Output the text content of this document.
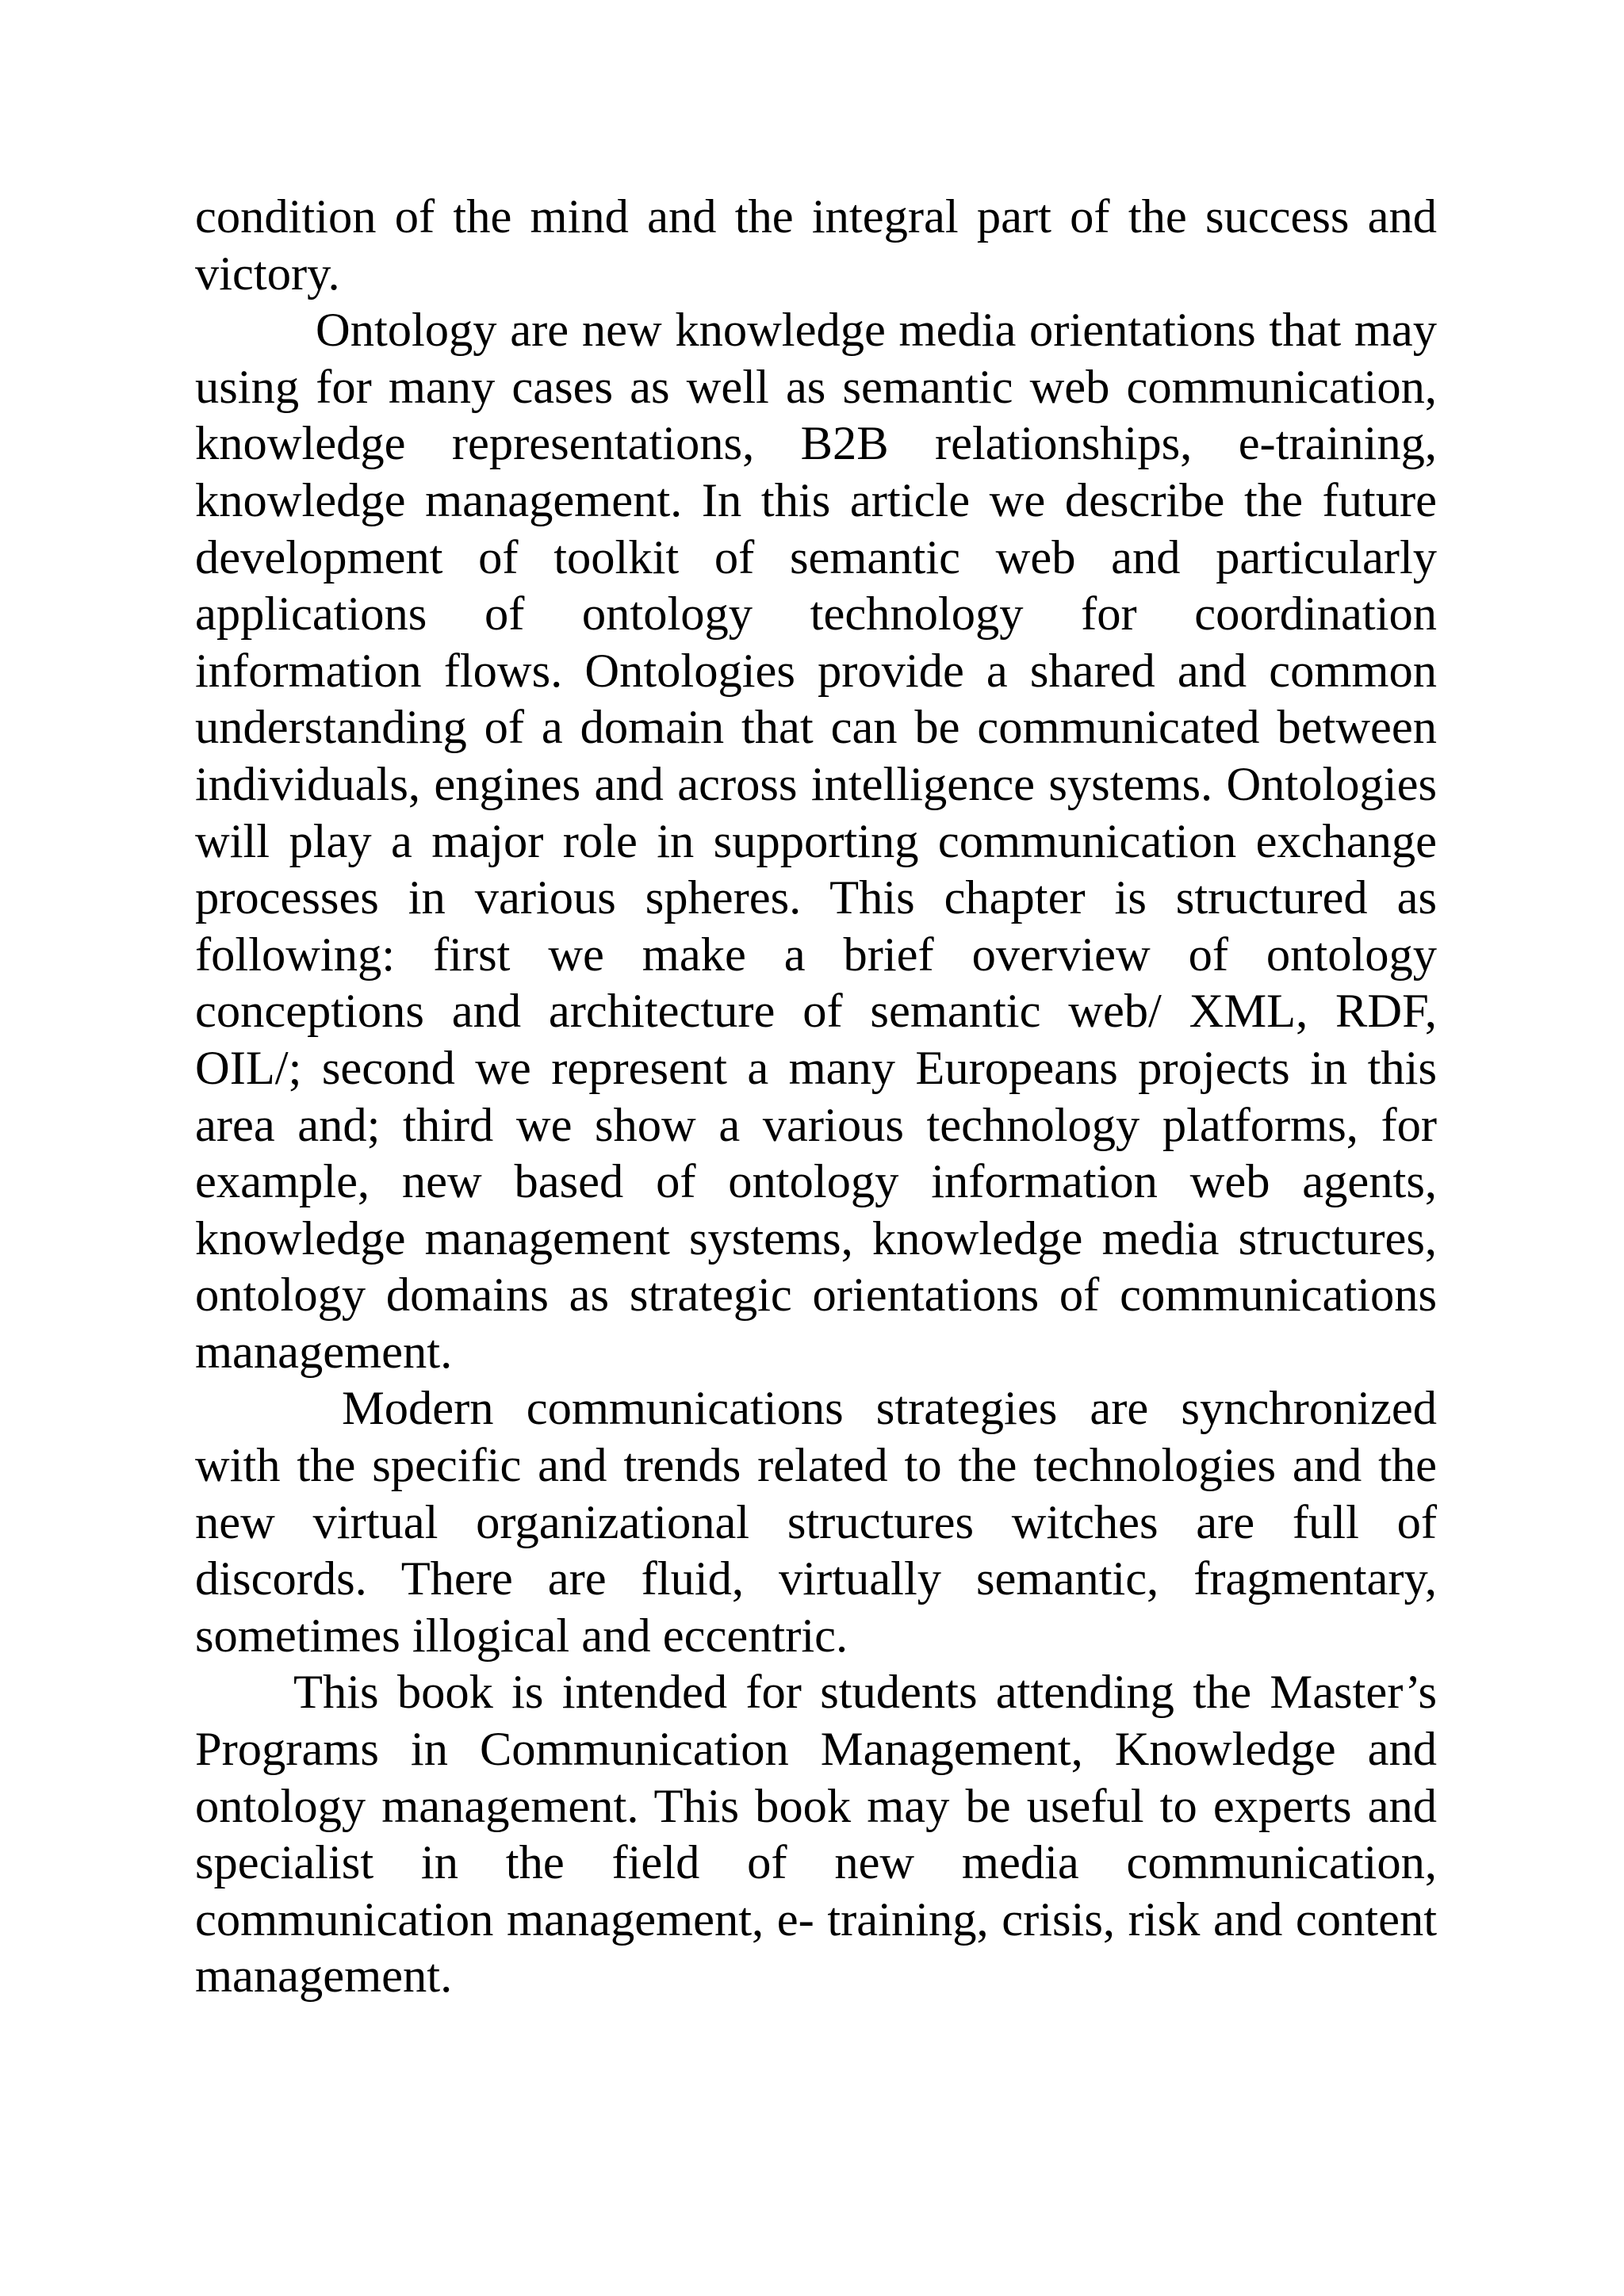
condition of the mind and the integral part of the success and victory.

Ontology are new knowledge media orientations that may using for many cases as well as semantic web communication, knowledge representations, B2B relationships, e-training, knowledge management. In this article we describe the future development of toolkit of semantic web and particularly applications of ontology technology for coordination information flows. Ontologies provide a shared and common understanding of a domain that can be communicated between individuals, engines and across intelligence systems. Ontologies will play a major role in supporting communication exchange processes in various spheres. This chapter is structured as following: first we make a brief overview of ontology conceptions and architecture of semantic web/ XML, RDF, OIL/; second we represent a many Europeans projects in this area and; third we show a various technology platforms, for example, new based of ontology information web agents, knowledge management systems, knowledge media structures, ontology domains as strategic orientations of communications management.

Modern communications strategies are synchronized with the specific and trends related to the technologies and the new virtual organizational structures witches are full of discords. There are fluid, virtually semantic, fragmentary, sometimes illogical and eccentric.

This book is intended for students attending the Master’s Programs in Communication Management, Knowledge and ontology management. This book may be useful to experts and specialist in the field of new media communication, communication management, e- training, crisis, risk and content management.
